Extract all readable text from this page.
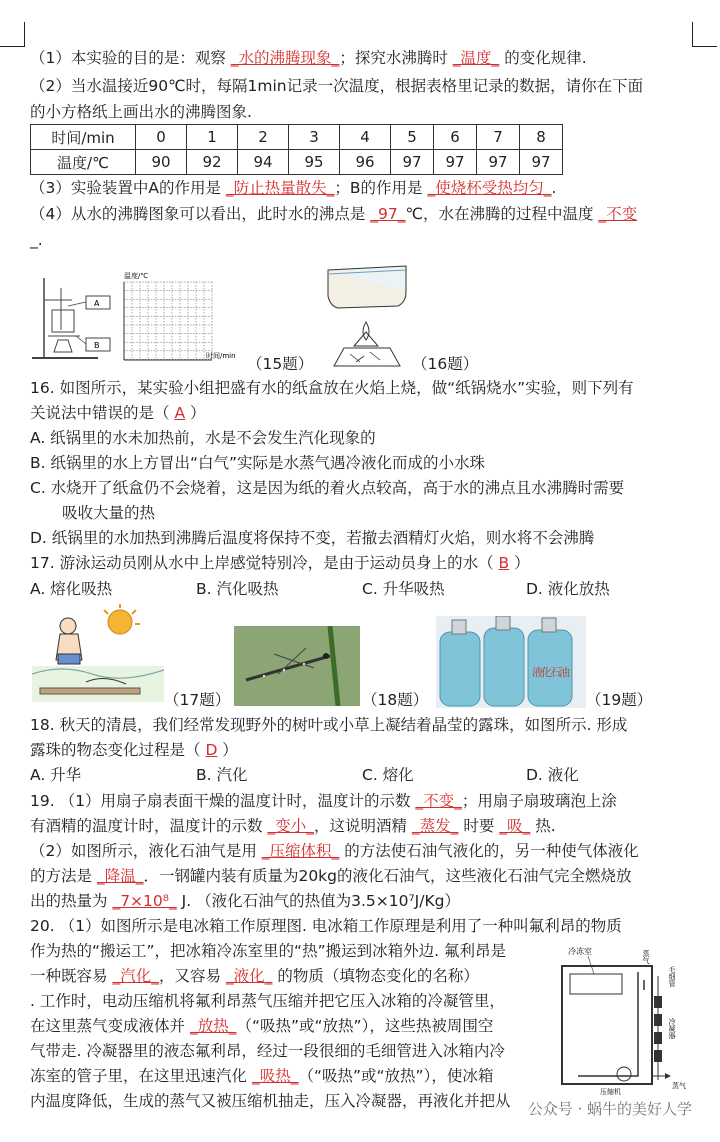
（1）本实验的目的是：观察 _水的沸腾现象_；探究水沸腾时 _温度_ 的变化规律.
（2）当水温接近90℃时，每隔1min记录一次温度，根据表格里记录的数据，请你在下面
的小方格纸上画出水的沸腾图象.
时间/min	0	1	2	3	4	5	6	7	8
温度/℃	90	92	94	95	96	97	97	97	97
（3）实验装置中A的作用是 _防止热量散失_；B的作用是 _使烧杯受热均匀_.
（4）从水的沸腾图象可以看出，此时水的沸点是 _97_℃，水在沸腾的过程中温度 _不变
_.
A
B
温度/℃
时间/min （15题）	（16题）
16. 如图所示，某实验小组把盛有水的纸盒放在火焰上烧，做“纸锅烧水”实验，则下列有
关说法中错误的是（ A ）
A. 纸锅里的水未加热前，水是不会发生汽化现象的
B. 纸锅里的水上方冒出“白气”实际是水蒸气遇冷液化而成的小水珠
C. 水烧开了纸盒仍不会烧着，这是因为纸的着火点较高，高于水的沸点且水沸腾时需要
吸收大量的热
D. 纸锅里的水加热到沸腾后温度将保持不变，若撤去酒精灯火焰，则水将不会沸腾
17. 游泳运动员刚从水中上岸感觉特别冷，是由于运动员身上的水（ B ）
A. 熔化吸热	B. 汽化吸热	C. 升华吸热	D. 液化放热
（17题）	（18题）
液化石油
（19题）
18. 秋天的清晨，我们经常发现野外的树叶或小草上凝结着晶莹的露珠，如图所示. 形成
露珠的物态变化过程是（ D ）
A. 升华	B. 汽化	C. 熔化	D. 液化
19. （1）用扇子扇表面干燥的温度计时，温度计的示数 _不变_；用扇子扇玻璃泡上涂
有酒精的温度计时，温度计的示数 _变小_，这说明酒精 _蒸发_ 时要 _吸_ 热.
（2）如图所示，液化石油气是用 _压缩体积_ 的方法使石油气液化的，另一种使气体液化
的方法是 _降温_．一钢罐内装有质量为20kg的液化石油气，这些液化石油气完全燃烧放
出的热量为 _7×10⁸_ J. （液化石油气的热值为3.5×10⁷J/Kg）
20. （1）如图所示是电冰箱工作原理图. 电冰箱工作原理是利用了一种叫氟利昂的物质
作为热的“搬运工”，把冰箱冷冻室里的“热”搬运到冰箱外边. 氟利昂是
一种既容易 _汽化_，又容易 _液化_ 的物质（填物态变化的名称）
. 工作时，电动压缩机将氟利昂蒸气压缩并把它压入冰箱的冷凝管里，
在这里蒸气变成液体并 _放热_（“吸热”或“放热”），这些热被周围空
气带走. 冷凝器里的液态氟利昂，经过一段很细的毛细管进入冰箱内冷
冻室的管子里，在这里迅速汽化 _吸热_（“吸热”或“放热”），使冰箱
内温度降低，生成的蒸气又被压缩机抽走，压入冷凝器，再液化并把从
冷冻室	蒸气
毛细管
冷凝器
蒸气
压缩机
公众号 · 蜗牛的美好人学
